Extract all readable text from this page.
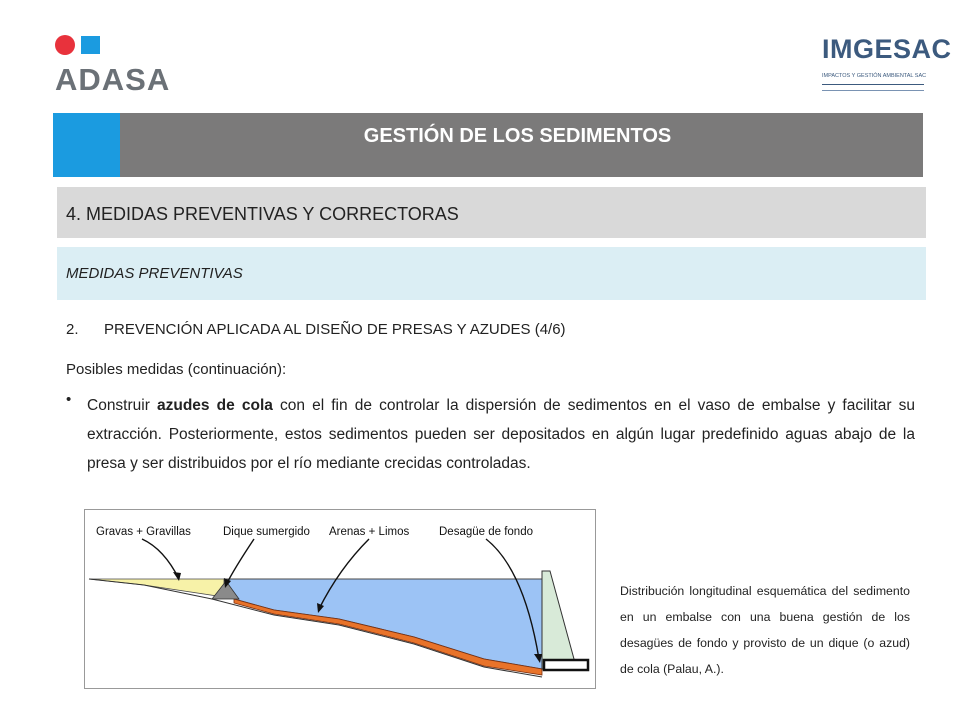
ADASA
IMGESAC
IMPACTOS Y GESTIÓN AMBIENTAL SAC
GESTIÓN DE LOS SEDIMENTOS
4. MEDIDAS PREVENTIVAS Y CORRECTORAS
MEDIDAS PREVENTIVAS
2. PREVENCIÓN APLICADA AL DISEÑO DE PRESAS Y AZUDES (4/6)
Posibles medidas (continuación):
• Construir azudes de cola con el fin de controlar la dispersión de sedimentos en el vaso de embalse y facilitar su extracción. Posteriormente, estos sedimentos pueden ser depositados en algún lugar predefinido aguas abajo de la presa y ser distribuidos por el río mediante crecidas controladas.
Gravas + Gravillas	Dique sumergido Arenas + Limos	Desagüe de fondo
Distribución longitudinal esquemática del sedimento en un embalse con una buena gestión de los desagües de fondo y provisto de un dique (o azud) de cola (Palau, A.).
